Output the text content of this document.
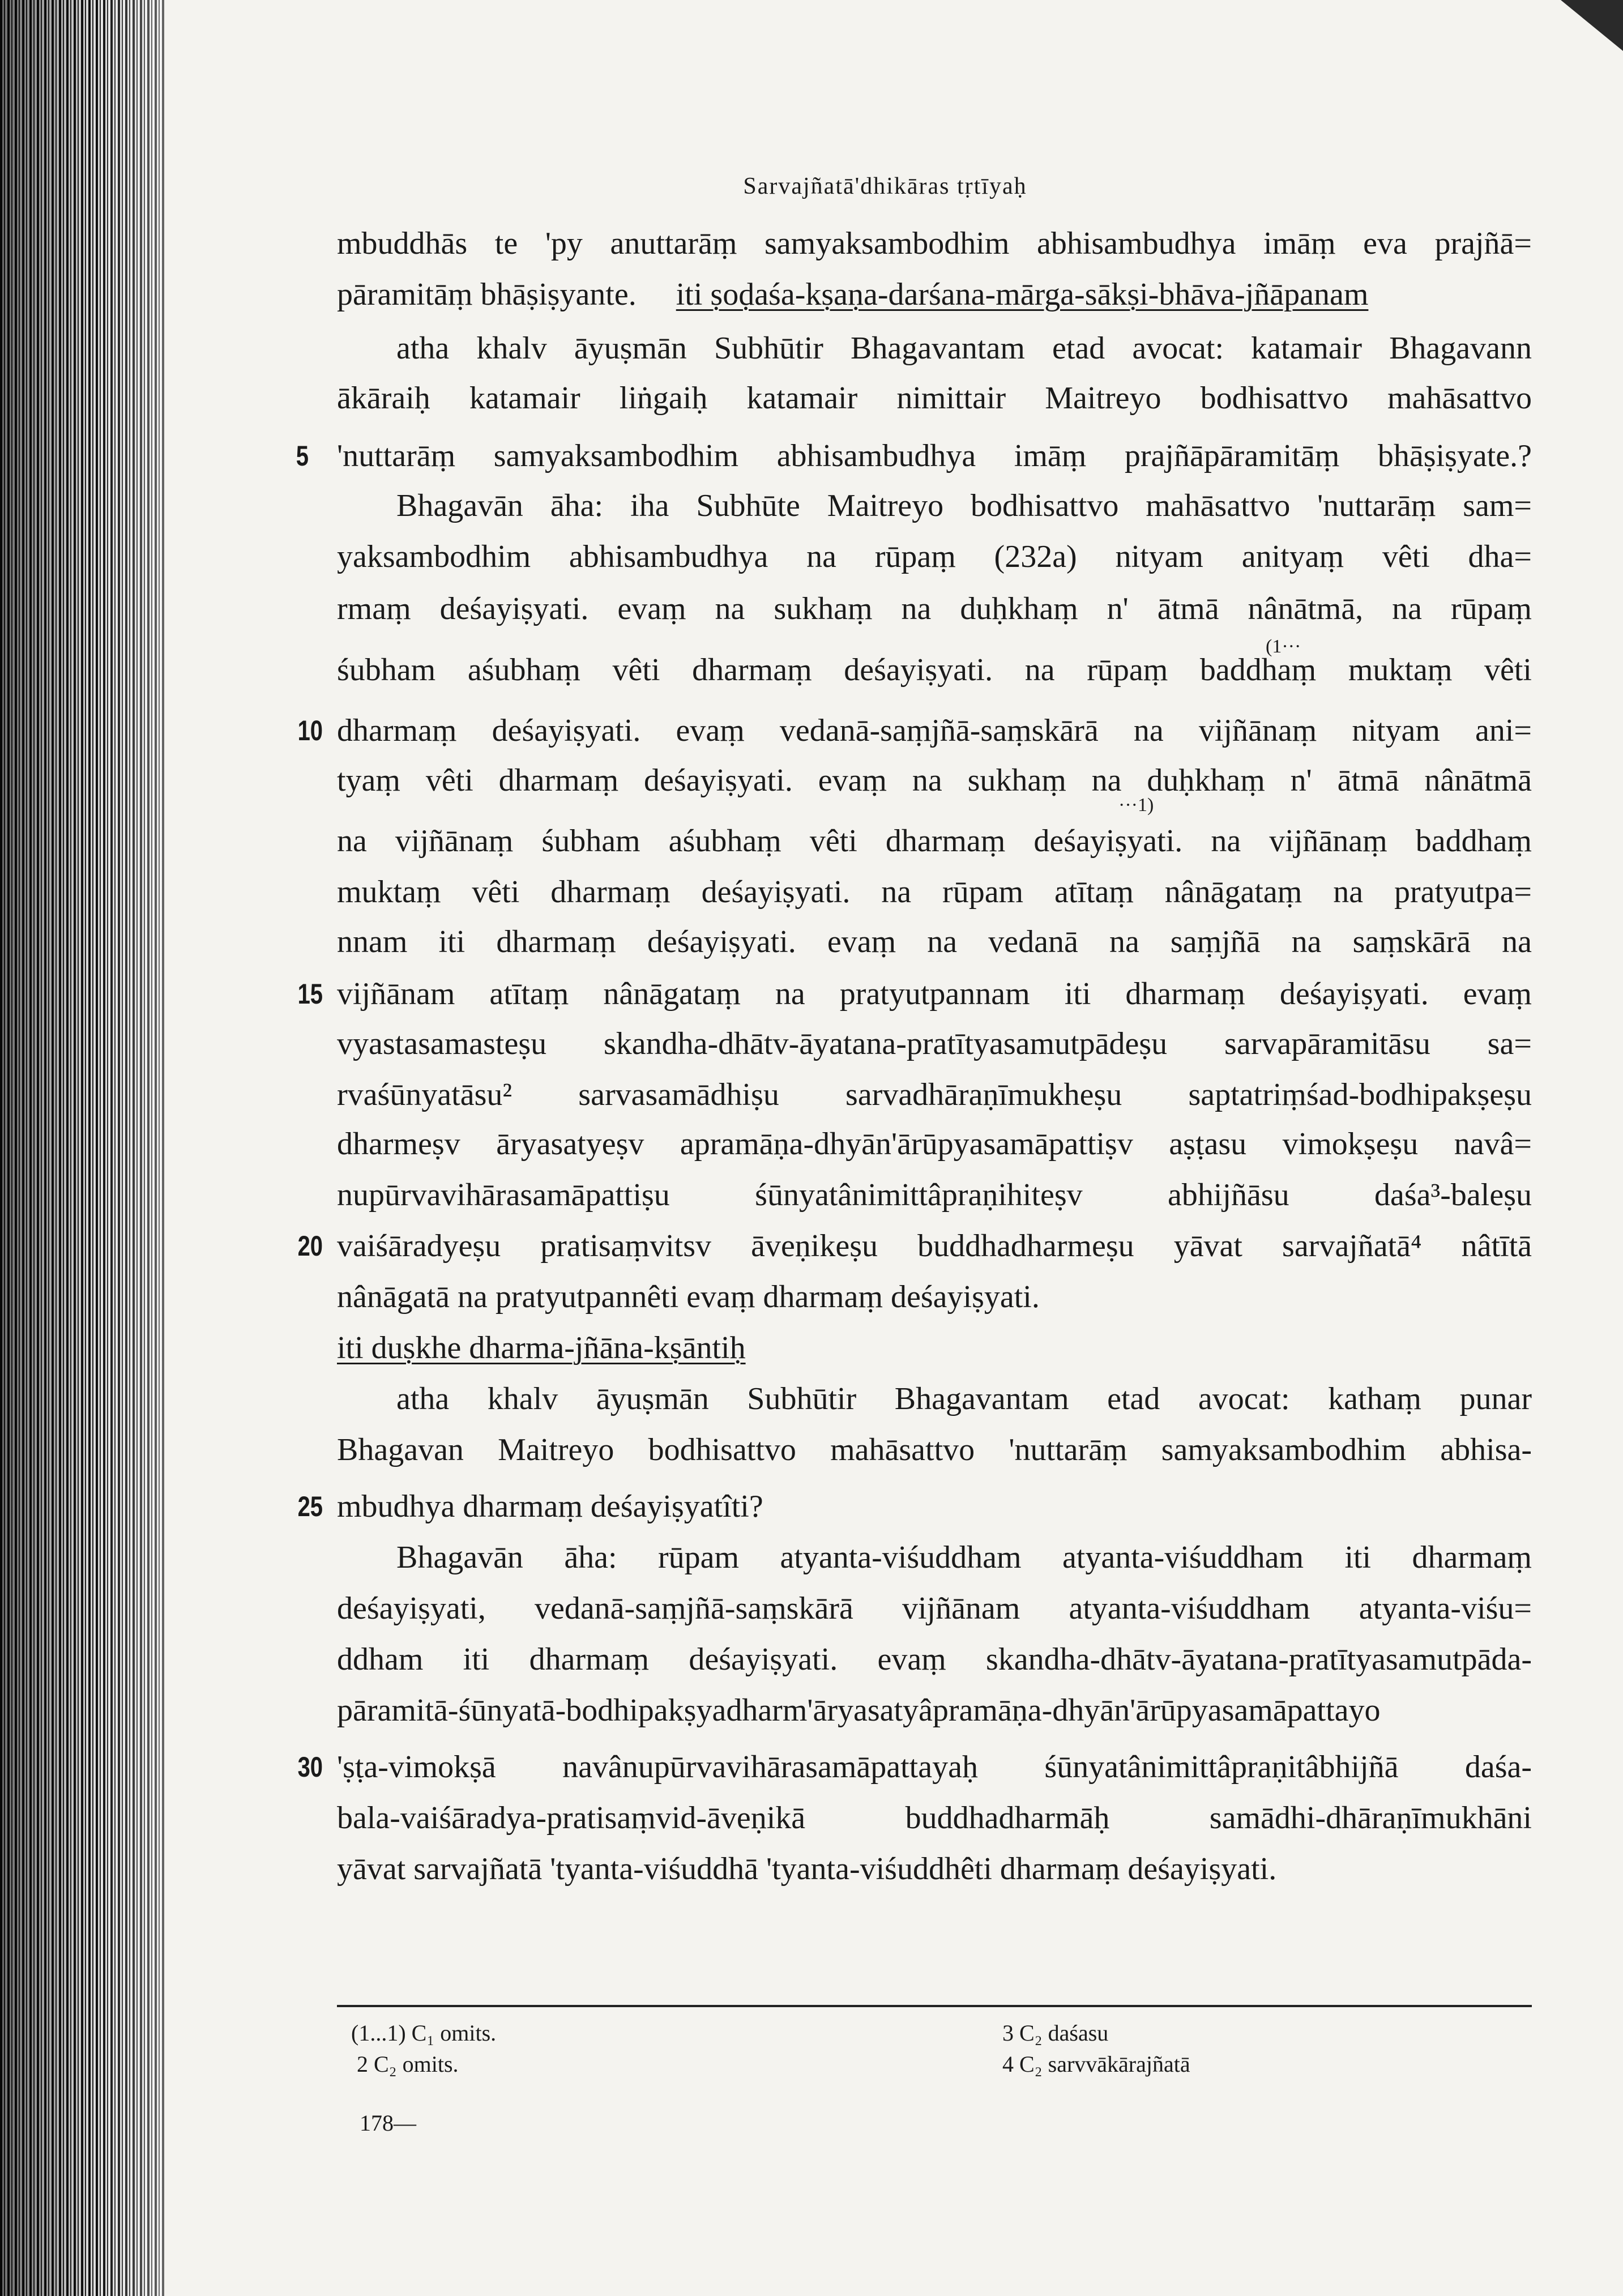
Sarvajñatā'dhikāras tṛtīyaḥ
mbuddhās te 'py anuttarāṃ samyaksambodhim abhisambudhya imāṃ eva prajñā=
pāramitāṃ bhāṣiṣyante. iti ṣoḍaśa-kṣaṇa-darśana-mārga-sākṣi-bhāva-jñāpanam
atha khalv āyuṣmān Subhūtir Bhagavantam etad avocat: katamair Bhagavann
ākāraiḥ katamair liṅgaiḥ katamair nimittair Maitreyo bodhisattvo mahāsattvo
'nuttarāṃ samyaksambodhim abhisambudhya imāṃ prajñāpāramitāṃ bhāṣiṣyate.?
5
Bhagavān āha: iha Subhūte Maitreyo bodhisattvo mahāsattvo 'nuttarāṃ sam=
yaksambodhim abhisambudhya na rūpaṃ (232a) nityam anityaṃ vêti dha=
rmaṃ deśayiṣyati. evaṃ na sukhaṃ na duḥkhaṃ n' ātmā nânātmā, na rūpaṃ
śubham aśubhaṃ vêti dharmaṃ deśayiṣyati. na rūpaṃ baddhaṃ muktaṃ vêti
dharmaṃ deśayiṣyati. evaṃ vedanā-saṃjñā-saṃskārā na vijñānaṃ nityam ani=
10
tyaṃ vêti dharmaṃ deśayiṣyati. evaṃ na sukhaṃ na duḥkhaṃ n' ātmā nânātmā
na vijñānaṃ śubham aśubhaṃ vêti dharmaṃ deśayiṣyati. na vijñānaṃ baddhaṃ
muktaṃ vêti dharmaṃ deśayiṣyati. na rūpam atītaṃ nânāgataṃ na pratyutpa=
nnam iti dharmaṃ deśayiṣyati. evaṃ na vedanā na saṃjñā na saṃskārā na
vijñānam atītaṃ nânāgataṃ na pratyutpannam iti dharmaṃ deśayiṣyati. evaṃ
15
vyastasamasteṣu skandha-dhātv-āyatana-pratītyasamutpādeṣu sarvapāramitāsu sa=
rvaśūnyatāsu² sarvasamādhiṣu sarvadhāraṇīmukheṣu saptatriṃśad-bodhipakṣeṣu
dharmeṣv āryasatyeṣv apramāṇa-dhyān'ārūpyasamāpattiṣv aṣṭasu vimokṣeṣu navâ=
nupūrvavihārasamāpattiṣu śūnyatânimittâpraṇihiteṣv abhijñāsu daśa³-baleṣu
vaiśāradyeṣu pratisaṃvitsv āveṇikeṣu buddhadharmeṣu yāvat sarvajñatā⁴ nâtītā
20
nânāgatā na pratyutpannêti evaṃ dharmaṃ deśayiṣyati.
iti duṣkhe dharma-jñāna-kṣāntiḥ
atha khalv āyuṣmān Subhūtir Bhagavantam etad avocat: kathaṃ punar
Bhagavan Maitreyo bodhisattvo mahāsattvo 'nuttarāṃ samyaksambodhim abhisa-
mbudhya dharmaṃ deśayiṣyatîti?
25
Bhagavān āha: rūpam atyanta-viśuddham atyanta-viśuddham iti dharmaṃ
deśayiṣyati, vedanā-saṃjñā-saṃskārā vijñānam atyanta-viśuddham atyanta-viśu=
ddham iti dharmaṃ deśayiṣyati. evaṃ skandha-dhātv-āyatana-pratītyasamutpāda-
pāramitā-śūnyatā-bodhipakṣyadharm'āryasatyâpramāṇa-dhyān'ārūpyasamāpattayo
'ṣṭa-vimokṣā navânupūrvavihārasamāpattayaḥ śūnyatânimittâpraṇitâbhijñā daśa-
30
bala-vaiśāradya-pratisaṃvid-āveṇikā buddhadharmāḥ samādhi-dhāraṇīmukhāni
yāvat sarvajñatā 'tyanta-viśuddhā 'tyanta-viśuddhêti dharmaṃ deśayiṣyati.
(1···
···1)
(1...1) C₁ omits.
2 C₂ omits.
3 C₂ daśasu
4 C₂ sarvvākārajñatā
178—
